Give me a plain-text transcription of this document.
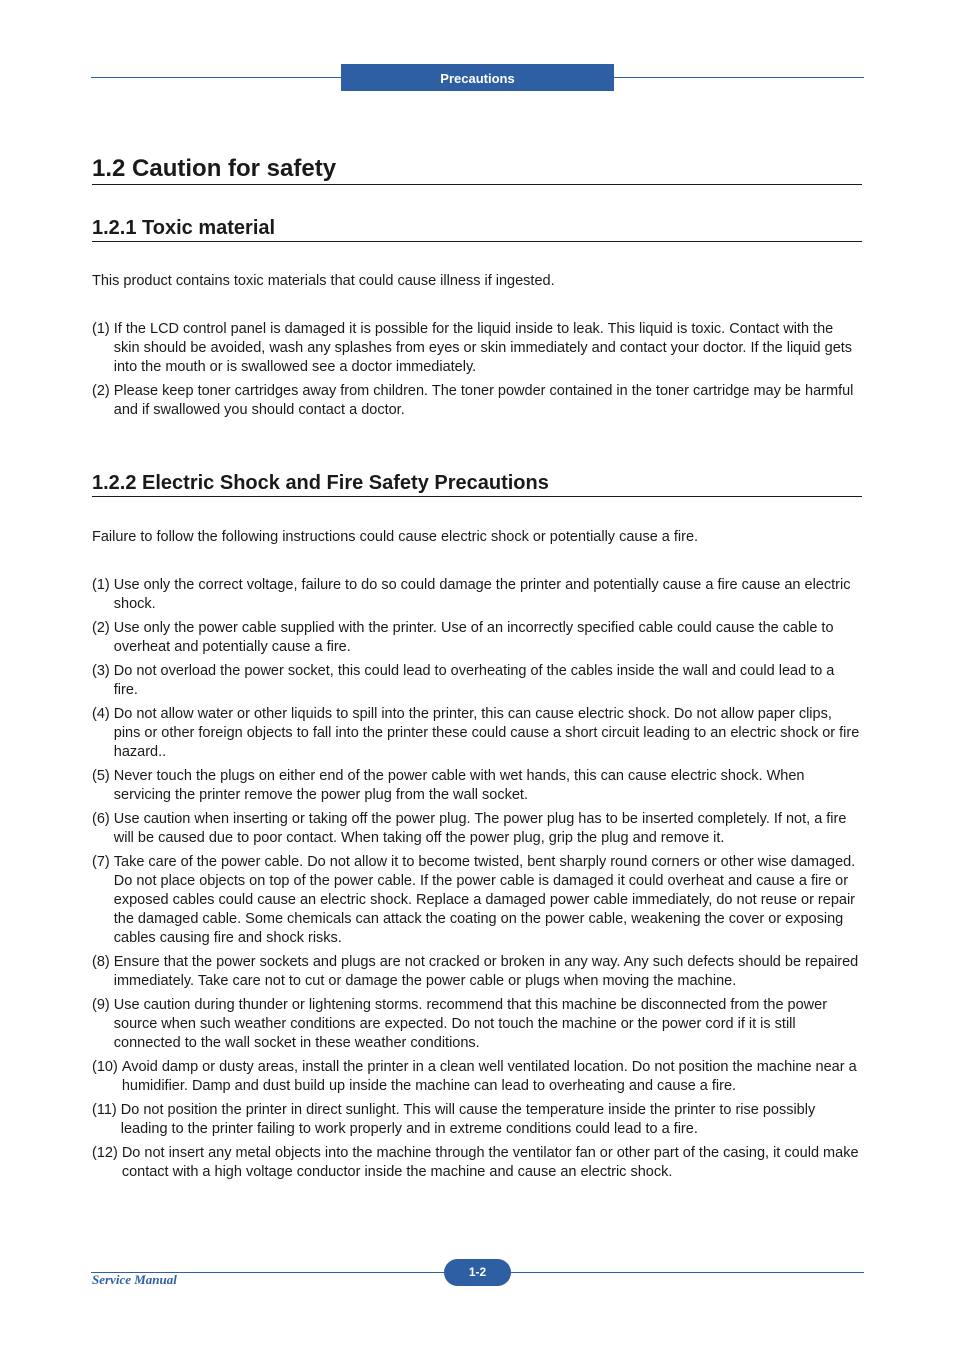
Precautions
1.2 Caution for safety
1.2.1 Toxic material

This product contains toxic materials that could cause illness if ingested.

(1) If the LCD control panel is damaged it is possible for the liquid inside to leak. This liquid is toxic. Contact with the skin should be avoided, wash any splashes from eyes or skin immediately and contact your doctor. If the liquid gets into the mouth or is swallowed see a doctor immediately.
(2) Please keep toner cartridges away from children. The toner powder contained in the toner cartridge may be harmful and if swallowed you should contact a doctor.
1.2.2 Electric Shock and Fire Safety Precautions

Failure to follow the following instructions could cause electric shock or potentially cause a fire.

(1) Use only the correct voltage, failure to do so could damage the printer and potentially cause a fire cause an electric shock.
(2) Use only the power cable supplied with the printer. Use of an incorrectly specified cable could cause the cable to overheat and potentially cause a fire.
(3) Do not overload the power socket, this could lead to overheating of the cables inside the wall and could lead to a fire.
(4) Do not allow water or other liquids to spill into the printer, this can cause electric shock. Do not allow paper clips, pins or other foreign objects to fall into the printer these could cause a short circuit leading to an electric shock or fire hazard..
(5) Never touch the plugs on either end of the power cable with wet hands, this can cause electric shock. When servicing the printer remove the power plug from the wall socket.
(6) Use caution when inserting or taking off the power plug. The power plug has to be inserted completely. If not, a fire will be caused due to poor contact. When taking off the power plug, grip the plug and remove it.
(7) Take care of the power cable. Do not allow it to become twisted, bent sharply round corners or other wise damaged. Do not place objects on top of the power cable. If the power cable is damaged it could overheat and cause a fire or exposed cables could cause an electric shock. Replace a damaged power cable immediately, do not reuse or repair the damaged cable. Some chemicals can attack the coating on the power cable, weakening the cover or exposing cables causing fire and shock risks.
(8) Ensure that the power sockets and plugs are not cracked or broken in any way. Any such defects should be repaired immediately. Take care not to cut or damage the power cable or plugs when moving the machine.
(9) Use caution during thunder or lightening storms. recommend that this machine be disconnected from the power source when such weather conditions are expected. Do not touch the machine or the power cord if it is still connected to the wall socket in these weather conditions.
(10) Avoid damp or dusty areas, install the printer in a clean well ventilated location. Do not position the machine near a humidifier. Damp and dust build up inside the machine can lead to overheating and cause a fire.
(11) Do not position the printer in direct sunlight. This will cause the temperature inside the printer to rise possibly leading to the printer failing to work properly and in extreme conditions could lead to a fire.
(12) Do not insert any metal objects into the machine through the ventilator fan or other part of the casing, it could make contact with a high voltage conductor inside the machine and cause an electric shock.
1-2
Service Manual
